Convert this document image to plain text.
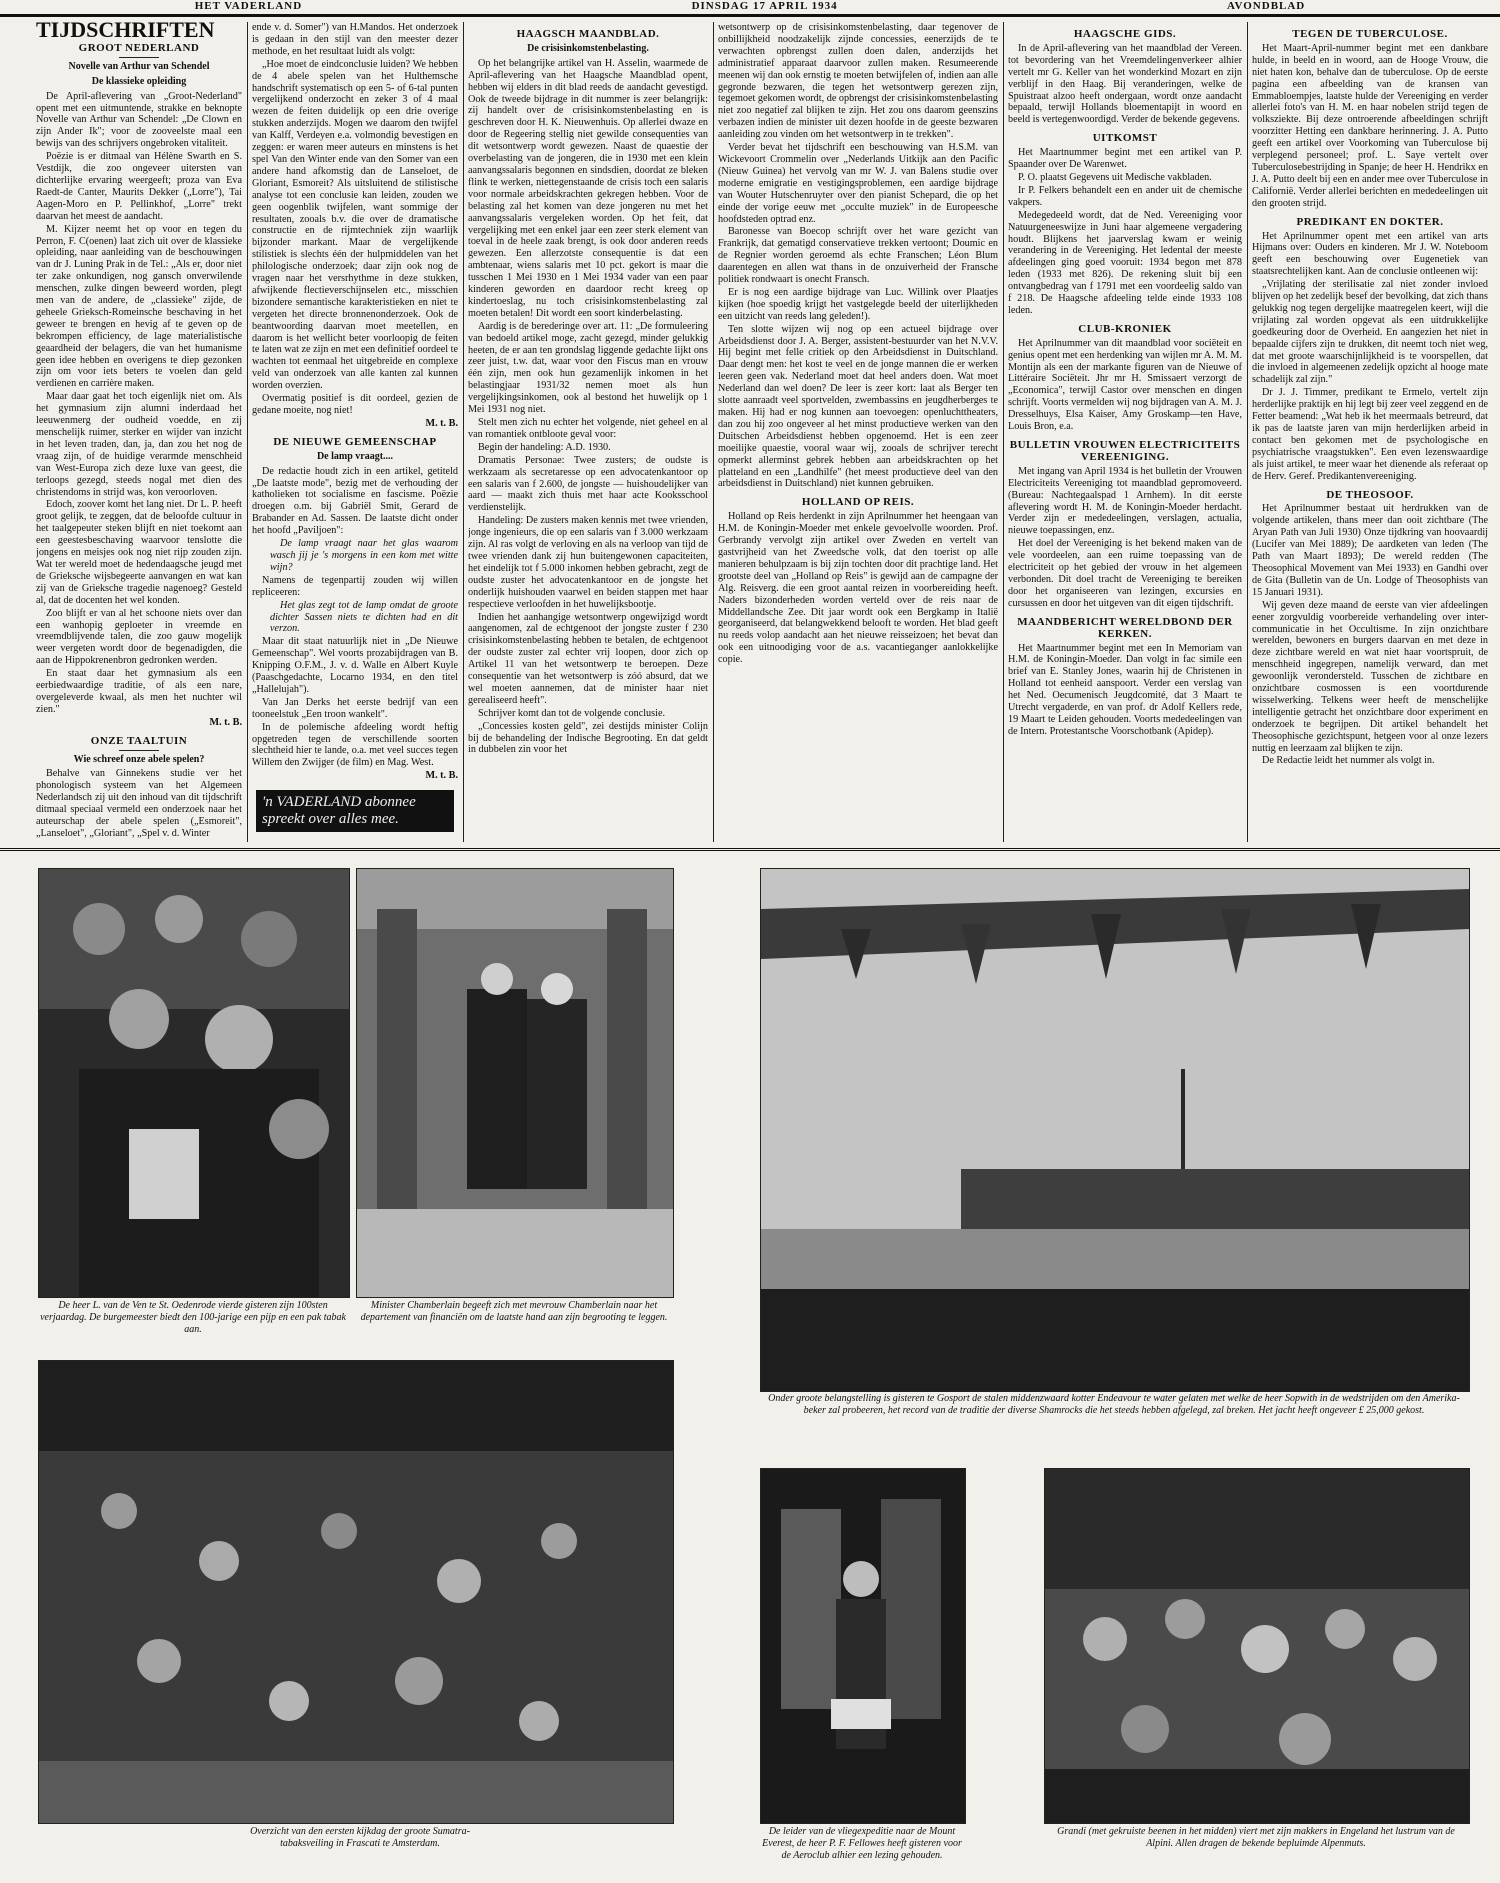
HET VADERLAND	DINSDAG 17 APRIL 1934	AVONDBLAD
TIJDSCHRIFTEN
GROOT NEDERLAND
Novelle van Arthur van Schendel
De klassieke opleiding

De April-aflevering van „Groot-Nederland" opent met een uitmuntende, strakke en beknopte Novelle van Arthur van Schendel: „De Clown en zijn Ander Ik"; voor de zooveelste maal een bewijs van des schrijvers ongebroken vitaliteit.

Poëzie is er ditmaal van Hélène Swarth en S. Vestdijk, die zoo ongeveer uitersten van dichterlijke ervaring weergeeft; proza van Eva Raedt-de Canter, Maurits Dekker („Lorre"), Tai Aagen-Moro en P. Pellinkhof, „Lorre" trekt daarvan het meest de aandacht.

M. Kijzer neemt het op voor en tegen du Perron, F. C(oenen) laat zich uit over de klassieke opleiding, naar aanleiding van de beschouwingen van dr J. Luning Prak in de Tel.: „Als er, door niet ter zake onkundigen, nog gansch onverwilende menschen, zulke dingen beweerd worden, plegt men van de andere, de „classieke" zijde, de geheele Grieksch-Romeinsche beschaving in het geweer te brengen en hevig af te geven op de bekrompen efficiency, de lage materialistische geaardheid der belagers, die van het humanisme geen idee hebben en overigens te diep gezonken zijn om voor iets beters te voelen dan geld verdienen en carrière maken.

Maar daar gaat het toch eigenlijk niet om. Als het gymnasium zijn alumni inderdaad het leeuwenmerg der oudheid voedde, en zij menschelijk ruimer, sterker en wijder van inzicht in het leven traden, dan, ja, dan zou het nog de vraag zijn, of de huidige verarmde menschheid van West-Europa zich deze luxe van geest, die terloops gezegd, steeds nogal met dien des christendoms in strijd was, kon veroorloven.

Edoch, zoover komt het lang niet. Dr L. P. heeft groot gelijk, te zeggen, dat de beloofde cultuur in het taalgepeuter steken blijft en niet toekomt aan een geestesbeschaving waarvoor tenslotte die jongens en meisjes ook nog niet rijp zouden zijn. Wat ter wereld moet de hedendaagsche jeugd met de Grieksche wijsbegeerte aanvangen en wat kan zij van de Grieksche tragedie nagenoeg? Gesteld al, dat de docenten het wel konden.

Zoo blijft er van al het schoone niets over dan een wanhopig geploeter in vreemde en vreemdblijvende talen, die zoo gauw mogelijk weer vergeten wordt door de begenadigden, die aan de Hippokrenenbron gedronken werden.

En staat daar het gymnasium als een eerbiedwaardige traditie, of als een nare, overgeleverde kwaal, als men het nuchter wil zien."

M. t. B.
ONZE TAALTUIN
Wie schreef onze abele spelen?

Behalve van Ginnekens studie ver het phonologisch systeem van het Algemeen Nederlandsch zij uit den inhoud van dit tijdschrift ditmaal speciaal vermeld een onderzoek naar het auteurschap der abele spelen („Esmoreit", „Lanseloet", „Gloriant", „Spel v. d. Winter

ende v. d. Somer") van H.Mandos. Het onderzoek is gedaan in den stijl van den meester dezer methode, en het resultaat luidt als volgt:

„Hoe moet de eindconclusie luiden? We hebben de 4 abele spelen van het Hulthemsche handschrift systematisch op een 5- of 6-tal punten vergelijkend onderzocht en zeker 3 of 4 maal wezen de feiten duidelijk op een drie overige stukken anderzijds. Mogen we daarom den twijfel van Kalff, Verdeyen e.a. volmondig bevestigen en zeggen: er waren meer auteurs en minstens is het spel Van den Winter ende van den Somer van een andere hand afkomstig dan de Lanseloet, de Gloriant, Esmoreit? Als uitsluitend de stilistische analyse tot een conclusie kan leiden, zouden we geen oogenblik twijfelen, want sommige der resultaten, zooals b.v. die over de dramatische constructie en de rijmtechniek zijn waarlijk bijzonder markant. Maar de vergelijkende stilistiek is slechts één der hulpmiddelen van het philologische onderzoek; daar zijn ook nog de vragen naar het versrhythme in deze stukken, afwijkende flectieverschijnselen etc., misschien bizondere semantische karakteristieken en niet te vergeten het directe bronnenonderzoek. Ook de beantwoording daarvan moet meetellen, en daarom is het wellicht beter voorloopig de feiten te laten wat ze zijn en met een definitief oordeel te wachten tot eenmaal het uitgebreide en complexe veld van onderzoek van alle kanten zal kunnen worden overzien.

Overmatig positief is dit oordeel, gezien de gedane moeite, nog niet!

M. t. B.
DE NIEUWE GEMEENSCHAP
De lamp vraagt....

De redactie houdt zich in een artikel, getiteld „De laatste mode", bezig met de verhouding der katholieken tot socialisme en fascisme. Poëzie droegen o.m. bij Gabriël Smit, Gerard de Brabander en Ad. Sassen. De laatste dicht onder het hoofd „Paviljoen":

De lamp vraagt naar het glas waarom wasch jij je 's morgens in een kom met witte wijn?

Namens de tegenpartij zouden wij willen repliceeren:

Het glas zegt tot de lamp omdat de groote dichter Sassen niets te dichten had en dit verzon.

Maar dit staat natuurlijk niet in „De Nieuwe Gemeenschap". Wel voorts prozabijdragen van B. Knipping O.F.M., J. v. d. Walle en Albert Kuyle (Paaschgedachte, Locarno 1934, en den titel „Hallelujah").

Van Jan Derks het eerste bedrijf van een tooneelstuk „Een troon wankelt".

In de polemische afdeeling wordt heftig opgetreden tegen de verschillende soorten slechtheid hier te lande, o.a. met veel succes tegen Willem den Zwijger (de film) en Mag. West.

M. t. B.
'n VADERLAND abonnee spreekt over alles mee.
HAAGSCH MAANDBLAD.
De crisisinkomstenbelasting.

Op het belangrijke artikel van H. Asselin, waarmede de April-aflevering van het Haagsche Maandblad opent, hebben wij elders in dit blad reeds de aandacht gevestigd. Ook de tweede bijdrage in dit nummer is zeer belangrijk: zij handelt over de crisisinkomstenbelasting en is geschreven door H. K. Nieuwenhuis. Op allerlei dwaze en door de Regeering stellig niet gewilde consequenties van dit wetsontwerp wordt gewezen. Naast de quaestie der overbelasting van de jongeren, die in 1930 met een klein aanvangssalaris begonnen en sindsdien, doordat ze bleken flink te werken, niettegenstaande de crisis toch een salaris voor normale arbeidskrachten gekregen hebben. Voor de belasting zal het komen van deze jongeren nu met het aanvangssalaris vergeleken worden. Op het feit, dat vergelijking met een enkel jaar een zeer sterk element van toeval in de heele zaak brengt, is ook door anderen reeds gewezen. Een allerzotste consequentie is dat een ambtenaar, wiens salaris met 10 pct. gekort is maar die tusschen 1 Mei 1930 en 1 Mei 1934 vader van een paar kinderen geworden en daardoor recht kreeg op kindertoeslag, nu toch crisisinkomstenbelasting zal moeten betalen! Dit wordt een soort kinderbelasting.

Aardig is de berederinge over art. 11: „De formuleering van bedoeld artikel moge, zacht gezegd, minder gelukkig heeten, de er aan ten grondslag liggende gedachte lijkt ons zeer juist, t.w. dat, waar voor den Fiscus man en vrouw één zijn, men ook hun gezamenlijk inkomen in het belastingjaar 1931/32 nemen moet als hun vergelijkingsinkomen, ook al bestond het huwelijk op 1 Mei 1931 nog niet.

Stelt men zich nu echter het volgende, niet geheel en al van romantiek ontbloote geval voor:

Begin der handeling: A.D. 1930.

Dramatis Personae: Twee zusters; de oudste is werkzaam als secretaresse op een advocatenkantoor op een salaris van f 2.600, de jongste — huishoudelijker van aard — maakt zich thuis met haar acte Kooksschool verdienstelijk.

Handeling: De zusters maken kennis met twee vrienden, jonge ingenieurs, die op een salaris van f 3.000 werkzaam zijn. Al ras volgt de verloving en als na verloop van tijd de twee vrienden dank zij hun buitengewonen capaciteiten, het eindelijk tot f 5.000 inkomen hebben gebracht, zegt de oudste zuster het advocatenkantoor en de jongste het onderlijk huishouden vaarwel en beiden stappen met haar respectieve verloofden in het huwelijksbootje.

Indien het aanhangige wetsontwerp ongewijzigd wordt aangenomen, zal de echtgenoot der jongste zuster f 230 crisisinkomstenbelasting hebben te betalen, de echtgenoot der oudste zuster zal echter vrij loopen, door zich op Artikel 11 van het wetsontwerp te beroepen. Deze consequentie van het wetsontwerp is zóó absurd, dat we wel moeten aannemen, dat de minister haar niet gerealiseerd heeft".

Schrijver komt dan tot de volgende conclusie.

„Concessies kosten geld", zei destijds minister Colijn bij de behandeling der Indische Begrooting. En dat geldt in dubbelen zin voor het

wetsontwerp op de crisisinkomstenbelasting, daar tegenover de onbillijkheid noodzakelijk zijnde concessies, eenerzijds de te verwachten opbrengst zullen doen dalen, anderzijds het administratief apparaat daarvoor zullen maken. Resumeerende meenen wij dan ook ernstig te moeten betwijfelen of, indien aan alle gegronde bezwaren, die tegen het wetsontwerp gerezen zijn, tegemoet gekomen wordt, de opbrengst der crisisinkomstenbelasting niet zoo negatief zal blijken te zijn. Het zou ons daarom geenszins verbazen indien de minister uit dezen hoofde in de geeste bezwaren aanleiding zou vinden om het wetsontwerp in te trekken".

Verder bevat het tijdschrift een beschouwing van H.S.M. van Wickevoort Crommelin over „Nederlands Uitkijk aan den Pacific (Nieuw Guinea) het vervolg van mr W. J. van Balens studie over moderne emigratie en vestigingsproblemen, een aardige bijdrage van Wouter Hutschenruyter over den pianist Schepard, die op het einde der vorige eeuw met „occulte muziek" in de Europeesche hoofdsteden optrad enz.

Baronesse van Boecop schrijft over het ware gezicht van Frankrijk, dat gematigd conservatieve trekken vertoont; Doumic en de Regnier worden geroemd als echte Franschen; Léon Blum daarentegen en allen wat thans in de onzuiverheid der Fransche politiek rondwaart is onecht Fransch.

Er is nog een aardige bijdrage van Luc. Willink over Plaatjes kijken (hoe spoedig krijgt het vastgelegde beeld der uiterlijkheden een uitzicht van reeds lang geleden!).

Ten slotte wijzen wij nog op een actueel bijdrage over Arbeidsdienst door J. A. Berger, assistent-bestuurder van het N.V.V. Hij begint met felle critiek op den Arbeidsdienst in Duitschland. Daar dengt men: het kost te veel en de jonge mannen die er werken leeren geen vak. Nederland moet dat heel anders doen. Wat moet Nederland dan wel doen? De leer is zeer kort: laat als Berger ten slotte aanraadt veel sportvelden, zwembassins en jeugdherberges te maken. Hij had er nog kunnen aan toevoegen: openluchttheaters, dan zou hij zoo ongeveer al het minst productieve werken van den Duitschen Arbeidsdienst hebben opgenoemd. Het is een zeer moeilijke quaestie, vooral waar wij, zooals de schrijver terecht opmerkt allerminst gebrek hebben aan arbeidskrachten op het platteland en een „Landhilfe" (het meest productieve deel van den arbeidsdienst in Duitschland) niet kunnen gebruiken.

HOLLAND OP REIS.

Holland op Reis herdenkt in zijn Aprilnummer het heengaan van H.M. de Koningin-Moeder met enkele gevoelvolle woorden. Prof. Gerbrandy vervolgt zijn artikel over Zweden en vertelt van gastvrijheid van het Zweedsche volk, dat den toerist op alle manieren behulpzaam is bij zijn tochten door dit prachtige land. Het grootste deel van „Holland op Reis" is gewijd aan de campagne der Alg. Reisverg. die een groot aantal reizen in voorbereiding heeft. Naders bizonderheden worden verteld over de reis naar de Middellandsche Zee. Dit jaar wordt ook een Bergkamp in Italië georganiseerd, dat belangwekkend belooft te worden. Het blad geeft nu reeds volop aandacht aan het nieuwe reisseizoen; het bevat dan ook een uitnoodiging voor de a.s. vacantieganger aanlokkelijke copie.

HAAGSCHE GIDS.

In de April-aflevering van het maandblad der Vereen. tot bevordering van het Vreemdelingenverkeer alhier vertelt mr G. Keller van het wonderkind Mozart en zijn verblijf in den Haag. Bij veranderingen, welke de Spuistraat alzoo heeft ondergaan, wordt onze aandacht bepaald, terwijl Hollands bloementapijt in woord en beeld is vertegenwoordigd. Verder de bekende gegevens.

UITKOMST

Het Maartnummer begint met een artikel van P. Spaander over De Warenwet.

P. O. plaatst Gegevens uit Medische vakbladen.

Ir P. Felkers behandelt een en ander uit de chemische vakpers.

Medegedeeld wordt, dat de Ned. Vereeniging voor Natuurgeneeswijze in Juni haar algemeene vergadering houdt. Blijkens het jaarverslag kwam er weinig verandering in de Vereeniging. Het ledental der meeste afdeelingen ging goed vooruit: 1934 begon met 878 leden (1933 met 826). De rekening sluit bij een ontvangbedrag van f 1791 met een voordeelig saldo van f 218. De Haagsche afdeeling telde einde 1933 108 leden.

CLUB-KRONIEK

Het Aprilnummer van dit maandblad voor sociëteit en genius opent met een herdenking van wijlen mr A. M. M. Montijn als een der markante figuren van de Nieuwe of Littéraire Sociëteit. Jhr mr H. Smissaert verzorgt de „Economica", terwijl Castor over menschen en dingen schrijft. Voorts vermelden wij nog bijdragen van A. M. J. Dresselhuys, Elsa Kaiser, Amy Groskamp—ten Have, Louis Bron, e.a.

BULLETIN VROUWEN ELECTRICITEITS VEREENIGING.

Met ingang van April 1934 is het bulletin der Vrouwen Electriciteits Vereeniging tot maandblad gepromoveerd. (Bureau: Nachtegaalspad 1 Arnhem). In dit eerste aflevering wordt H. M. de Koningin-Moeder herdacht. Verder zijn er mededeelingen, verslagen, actualia, nieuwe toepassingen, enz.

Het doel der Vereeniging is het bekend maken van de vele voordeelen, aan een ruime toepassing van de electriciteit op het gebied der vrouw in het algemeen verbonden. Dit doel tracht de Vereeniging te bereiken door het organiseeren van lezingen, excursies en cursussen en door het uitgeven van dit eigen tijdschrift.

MAANDBERICHT WERELDBOND DER KERKEN.

Het Maartnummer begint met een In Memoriam van H.M. de Koningin-Moeder. Dan volgt in fac simile een brief van E. Stanley Jones, waarin hij de Christenen in Holland tot eenheid aanspoort. Verder een verslag van het Ned. Oecumenisch Jeugdcomité, dat 3 Maart te Utrecht vergaderde, en van prof. dr Adolf Kellers rede, 19 Maart te Leiden gehouden. Voorts mededeelingen van de Intern. Protestantsche Voorschotbank (Apidep).

TEGEN DE TUBERCULOSE.

Het Maart-April-nummer begint met een dankbare hulde, in beeld en in woord, aan de Hooge Vrouw, die niet haten kon, behalve dan de tuberculose. Op de eerste pagina een afbeelding van de kransen van Emmabloempjes, laatste hulde der Vereeniging en verder allerlei foto's van H. M. en haar nobelen strijd tegen de volksziekte. Bij deze ontroerende afbeeldingen schrijft voorzitter Hetting een dankbare herinnering. J. A. Putto geeft een artikel over Voorkoming van Tuberculose bij verplegend personeel; prof. L. Saye vertelt over Tuberculosebestrijding in Spanje; de heer H. Hendrikx en J. A. Putto deelt bij een en ander mee over Tuberculose in Californië. Verder allerlei berichten en mededeelingen uit den grooten strijd.

PREDIKANT EN DOKTER.

Het Aprilnummer opent met een artikel van arts Hijmans over: Ouders en kinderen. Mr J. W. Noteboom geeft een beschouwing over Eugenetiek van staatsrechtelijken kant. Aan de conclusie ontleenen wij:

„Vrijlating der sterilisatie zal niet zonder invloed blijven op het zedelijk besef der bevolking, dat zich thans gelukkig nog tegen dergelijke maatregelen keert, wijl die vrijlating zal worden opgevat als een uitdrukkelijke goedkeuring door de Overheid. En aangezien het niet in bepaalde cijfers zijn te drukken, dit neemt toch niet weg, dat met groote waarschijnlijkheid is te voorspellen, dat die invloed in algemeenen zedelijk opzicht al hooge mate schadelijk zal zijn."

Dr J. J. Timmer, predikant te Ermelo, vertelt zijn herderlijke praktijk en hij legt bij zeer veel zeggend en de Fetter beamend: „Wat heb ik het meermaals betreurd, dat ik pas de laatste jaren van mijn herderlijken arbeid in contact ben gekomen met de psychologische en psychiatrische vraagstukken". Een even lezenswaardige als juist artikel, te meer waar het dienende als referaat op de Herv. Geref. Predikantenvereeniging.

DE THEOSOOF.

Het Aprilnummer bestaat uit herdrukken van de volgende artikelen, thans meer dan ooit zichtbare (The Aryan Path van Juli 1930) Onze tijdkring van hoovaardij (Lucifer van Mei 1889); De aardketen van leden (The Path van Maart 1893); De wereld redden (The Theosophical Movement van Mei 1933) en Gandhi over de Gita (Bulletin van de Un. Lodge of Theosophists van 15 Januari 1931).

Wij geven deze maand de eerste van vier afdeelingen eener zorgvuldig voorbereide verhandeling over inter-communicatie in het Occultisme. In zijn onzichtbare werelden, bewoners en burgers daarvan en met deze in deze zichtbare wereld en wat niet haar voortspruit, de menschheid ingegrepen, namelijk verward, dan met gewoonlijk verondersteld. Tusschen de zichtbare en onzichtbare cosmossen is een voortdurende wisselwerking. Telkens weer heeft de menschelijke intelligentie getracht het onzichtbare door experiment en onderzoek te begrijpen. Dit artikel behandelt het Theosophische gezichtspunt, hetgeen voor al onze lezers nuttig en leerzaam zal blijken te zijn.

De Redactie leidt het nummer als volgt in.

De heer L. van de Ven te St. Oedenrode vierde gisteren zijn 100sten verjaardag. De burgemeester biedt den 100-jarige een pijp en een pak tabak aan.
Minister Chamberlain begeeft zich met mevrouw Chamberlain naar het departement van financiën om de laatste hand aan zijn begrooting te leggen.
Onder groote belangstelling is gisteren te Gosport de stalen middenzwaard kotter Endeavour te water gelaten met welke de heer Sopwith in de wedstrijden om den Amerika-beker zal probeeren, het record van de traditie der diverse Shamrocks die het steeds hebben afgelegd, zal breken. Het jacht heeft ongeveer £ 25,000 gekost.
Overzicht van den eersten kijkdag der groote Sumatra-tabaksveiling in Frascati te Amsterdam.
De leider van de vliegexpeditie naar de Mount Everest, de heer P. F. Fellowes heeft gisteren voor de Aeroclub alhier een lezing gehouden.
Grandi (met gekruiste beenen in het midden) viert met zijn makkers in Engeland het lustrum van de Alpini. Allen dragen de bekende bepluimde Alpenmuts.
